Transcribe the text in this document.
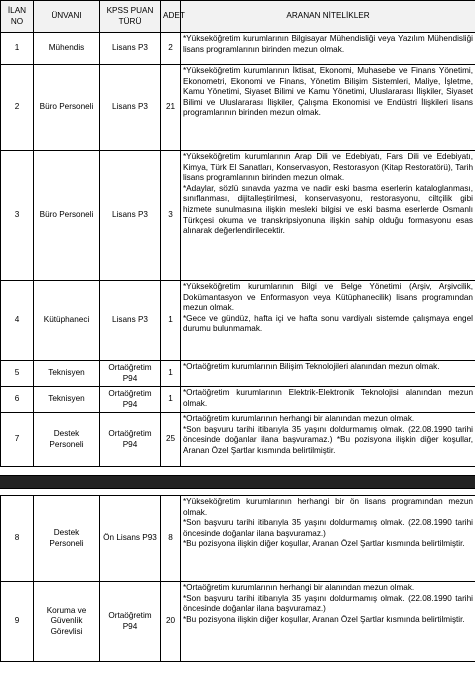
İLAN NO	ÜNVANI	KPSS PUAN TÜRÜ	ADET	ARANAN NİTELİKLER
1	Mühendis	Lisans P3	2	*Yükseköğretim kurumlarının Bilgisayar Mühendisliği veya Yazılım Mühendisliği lisans programlarının birinden mezun olmak.

2	Büro Personeli	Lisans P3	21	*Yükseköğretim kurumlarının İktisat, Ekonomi, Muhasebe ve Finans Yönetimi, Ekonometri, Ekonomi ve Finans, Yönetim Bilişim Sistemleri, Maliye, İşletme, Kamu Yönetimi, Siyaset Bilimi ve Kamu Yönetimi, Uluslararası İlişkiler, Siyaset Bilimi ve Uluslararası İlişkiler, Çalışma Ekonomisi ve Endüstri İlişkileri lisans programlarının birinden mezun olmak.

3	Büro Personeli	Lisans P3	3	*Yükseköğretim kurumlarının Arap Dili ve Edebiyatı, Fars Dili ve Edebiyatı, Kimya, Türk El Sanatları, Konservasyon, Restorasyon (Kitap Restoratörü), Tarih lisans programlarının birinden mezun olmak.
*Adaylar, sözlü sınavda yazma ve nadir eski basma eserlerin kataloglanması, sınıflanması, dijitalleştirilmesi, konservasyonu, restorasyonu, ciltçilik gibi hizmete sunulmasına ilişkin mesleki bilgisi ve eski basma eserlerde Osmanlı Türkçesi okuma ve transkripsiyonuna ilişkin sahip olduğu formasyonu esas alınarak değerlendirilecektir.

4	Kütüphaneci	Lisans P3	1	*Yükseköğretim kurumlarının Bilgi ve Belge Yönetimi (Arşiv, Arşivcilik, Dokümantasyon ve Enformasyon veya Kütüphanecilik) lisans programından mezun olmak.
*Gece ve gündüz, hafta içi ve hafta sonu vardiyalı sistemde çalışmaya engel durumu bulunmamak.

5	Teknisyen	Ortaöğretim P94	1	*Ortaöğretim kurumlarının Bilişim Teknolojileri alanından mezun olmak.

6	Teknisyen	Ortaöğretim P94	1	*Ortaöğretim kurumlarının Elektrik-Elektronik Teknolojisi alanından mezun olmak.

7	Destek Personeli	Ortaöğretim P94	25	*Ortaöğretim kurumlarının herhangi bir alanından mezun olmak.
*Son başvuru tarihi itibarıyla 35 yaşını doldurmamış olmak. (22.08.1990 tarihi öncesinde doğanlar ilana başvuramaz.) *Bu pozisyona ilişkin diğer koşullar, Aranan Özel Şartlar kısmında belirtilmiştir.
8	Destek Personeli	Ön Lisans P93	8	*Yükseköğretim kurumlarının herhangi bir ön lisans programından mezun olmak.
*Son başvuru tarihi itibarıyla 35 yaşını doldurmamış olmak. (22.08.1990 tarihi öncesinde doğanlar ilana başvuramaz.)
*Bu pozisyona ilişkin diğer koşullar, Aranan Özel Şartlar kısmında belirtilmiştir.

9	Koruma ve Güvenlik Görevlisi	Ortaöğretim P94	20	*Ortaöğretim kurumlarının herhangi bir alanından mezun olmak.
*Son başvuru tarihi itibarıyla 35 yaşını doldurmamış olmak. (22.08.1990 tarihi öncesinde doğanlar ilana başvuramaz.)
*Bu pozisyona ilişkin diğer koşullar, Aranan Özel Şartlar kısmında belirtilmiştir.
